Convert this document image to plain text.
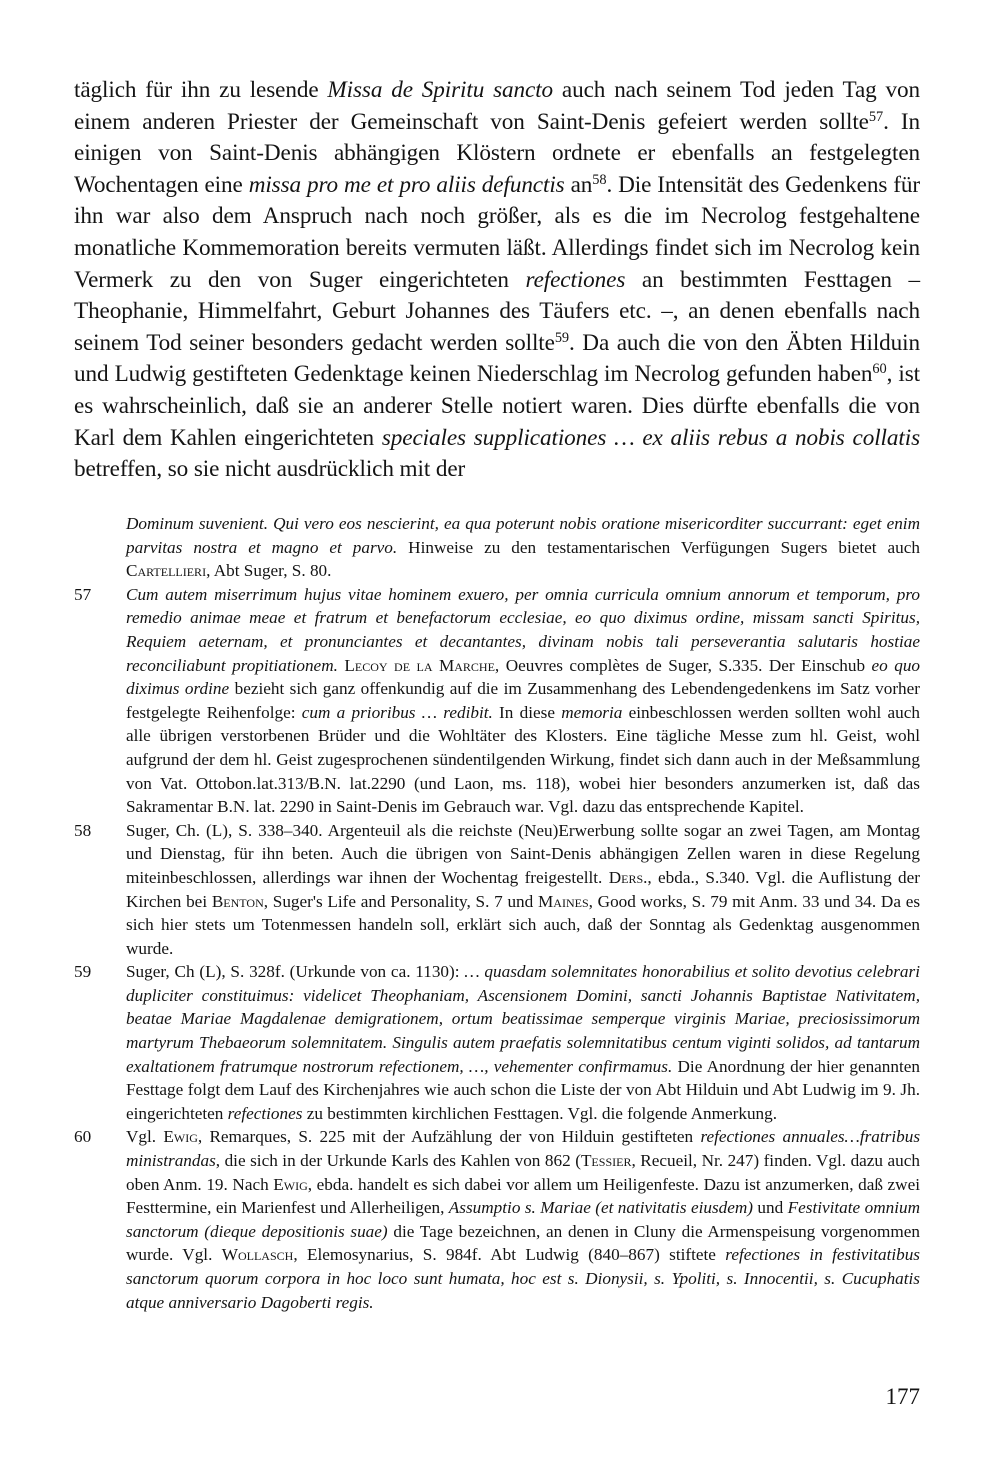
täglich für ihn zu lesende Missa de Spiritu sancto auch nach seinem Tod jeden Tag von einem anderen Priester der Gemeinschaft von Saint-Denis gefeiert werden sollte$^{57}$. In einigen von Saint-Denis abhängigen Klöstern ordnete er ebenfalls an festgelegten Wochentagen eine missa pro me et pro aliis defunctis $an^{58}$. Die Intensität des Gedenkens für ihn war also dem Anspruch nach noch größer, als es die im Necrolog festgehaltene monatliche Kommemoration bereits vermuten läßt. Allerdings findet sich im Necrolog kein Vermerk zu den von Suger eingerichteten refectiones an bestimmten Festtagen – Theophanie, Himmelfahrt, Geburt Johannes des Täufers etc. –, an denen ebenfalls nach seinem Tod seiner besonders gedacht werden sollte$^{59}$. Da auch die von den Äbten Hilduin und Ludwig gestifteten Gedenktage keinen Niederschlag im Necrolog gefunden haben$^{60}$, ist es wahrscheinlich, daß sie an anderer Stelle notiert waren. Dies dürfte ebenfalls die von Karl dem Kahlen eingerichteten speciales supplicationes … ex aliis rebus a nobis collatis betreffen, so sie nicht ausdrücklich mit der

Dominum suvenient. Qui vero eos nescierint, ea qua poterunt nobis oratione misericorditer succurrant: eget enim parvitas nostra et magno et parvo. Hinweise zu den testamentarischen Verfügungen Sugers bietet auch Cartellieri, Abt Suger, S. 80.

57	Cum autem miserrimum hujus vitae hominem exuero, per omnia curricula omnium annorum et temporum, pro remedio animae meae et fratrum et benefactorum ecclesiae, eo quo diximus ordine, missam sancti Spiritus, Requiem aeternam, et pronunciantes et decantantes, divinam nobis tali perseverantia salutaris hostiae reconciliabunt propitiationem. Lecoy de la Marche, Oeuvres complètes de Suger, S.335. Der Einschub eo quo diximus ordine bezieht sich ganz offenkundig auf die im Zusammenhang des Lebendengedenkens im Satz vorher festgelegte Reihenfolge: cum a prioribus … redibit. In diese memoria einbeschlossen werden sollten wohl auch alle übrigen verstorbenen Brüder und die Wohltäter des Klosters. Eine tägliche Messe zum hl. Geist, wohl aufgrund der dem hl. Geist zugesprochenen sündentilgenden Wirkung, findet sich dann auch in der Meßsammlung von Vat. Ottobon.lat.313/B.N. lat.2290 (und Laon, ms. 118), wobei hier besonders anzumerken ist, daß das Sakramentar B.N. lat. 2290 in Saint-Denis im Gebrauch war. Vgl. dazu das entsprechende Kapitel.
58	Suger, Ch. (L), S. 338–340. Argenteuil als die reichste (Neu)Erwerbung sollte sogar an zwei Tagen, am Montag und Dienstag, für ihn beten. Auch die übrigen von Saint-Denis abhängigen Zellen waren in diese Regelung miteinbeschlossen, allerdings war ihnen der Wochentag freigestellt. Ders., ebda., S.340. Vgl. die Auflistung der Kirchen bei Benton, Suger's Life and Personality, S. 7 und Maines, Good works, S. 79 mit Anm. 33 und 34. Da es sich hier stets um Totenmessen handeln soll, erklärt sich auch, daß der Sonntag als Gedenktag ausgenommen wurde.
59	Suger, Ch (L), S. 328f. (Urkunde von ca. 1130): … quasdam solemnitates honorabilius et solito devotius celebrari dupliciter constituimus: videlicet Theophaniam, Ascensionem Domini, sancti Johannis Baptistae Nativitatem, beatae Mariae Magdalenae demigrationem, ortum beatissimae semperque virginis Mariae, preciosissimorum martyrum Thebaeorum solemnitatem. Singulis autem praefatis solemnitatibus centum viginti solidos, ad tantarum exaltationem fratrumque nostrorum refectionem, …, vehementer confirmamus. Die Anordnung der hier genannten Festtage folgt dem Lauf des Kirchenjahres wie auch schon die Liste der von Abt Hilduin und Abt Ludwig im 9. Jh. eingerichteten refectiones zu bestimmten kirchlichen Festtagen. Vgl. die folgende Anmerkung.
60	Vgl. Ewig, Remarques, S. 225 mit der Aufzählung der von Hilduin gestifteten refectiones annuales…fratribus ministrandas, die sich in der Urkunde Karls des Kahlen von 862 (Tessier, Recueil, Nr. 247) finden. Vgl. dazu auch oben Anm. 19. Nach Ewig, ebda. handelt es sich dabei vor allem um Heiligenfeste. Dazu ist anzumerken, daß zwei Festtermine, ein Marienfest und Allerheiligen, Assumptio s. Mariae (et nativitatis eiusdem) und Festivitate omnium sanctorum (dieque depositionis suae) die Tage bezeichnen, an denen in Cluny die Armenspeisung vorgenommen wurde. Vgl. Wollasch, Elemosynarius, S. 984f. Abt Ludwig (840–867) stiftete refectiones in festivitatibus sanctorum quorum corpora in hoc loco sunt humata, hoc est s. Dionysii, s. Ypoliti, s. Innocentii, s. Cucuphatis atque anniversario Dagoberti regis.
177
